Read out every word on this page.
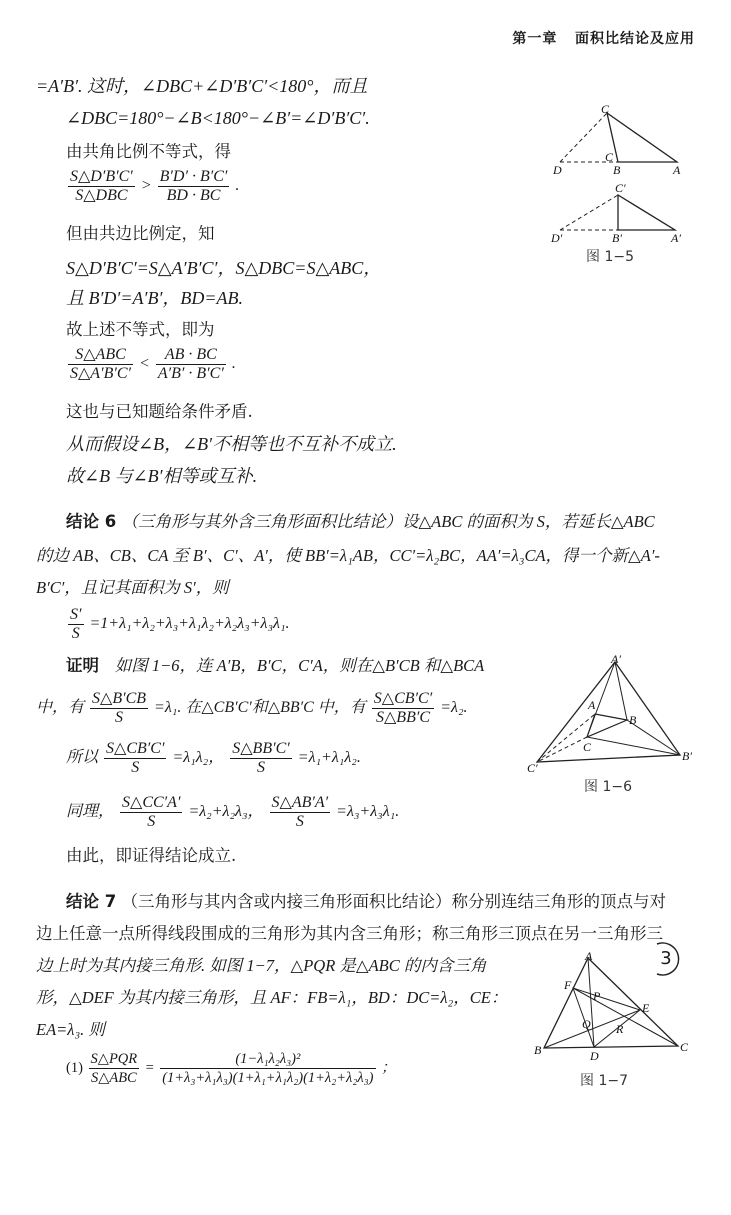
第一章 面积比结论及应用
=A′B′. 这时，∠DBC+∠D′B′C′<180°，而且
∠DBC=180°−∠B<180°−∠B′=∠D′B′C′.
由共角比例不等式，得
$\frac{S\triangle D'B'C'}{\text{S△DBC}} > \frac{B'D' \cdot B'C'}{BD \cdot BC}$ .
但由共边比例定，知
S△D′B′C′=S△A′B′C′，S△DBC=S△ABC，
且 B′D′=A′B′，BD=AB.
故上述不等式，即为
$\frac{\text{S△ABC}}{S\triangle A'B'C'} < \frac{AB \cdot BC}{A'B' \cdot B'C'}$ .
这也与已知题给条件矛盾.
从而假设∠B，∠B′不相等也不互补不成立.
故∠B 与∠B′相等或互补.
C
C
D	B	A
C′
D′	B′	A′
图 1−5
结论 6 （三角形与其外含三角形面积比结论）设△ABC 的面积为 S，若延长△ABC
的边 AB、CB、CA 至 B′、C′、A′，使 BB′=λ₁AB，CC′=λ₂BC，AA′=λ₃CA，得一个新△A′-
B′C′，且记其面积为 S′，则
$\frac{S'}{S} =1+\lambda_1+\lambda_2+\lambda_3+\lambda_1\lambda_2+\lambda_2\lambda_3+\lambda_3\lambda_1$.
证明 如图 1−6，连 A′B，B′C，C′A，则在△B′CB 和△BCA
中，有 $\frac{S\triangle B'CB}{S} =\lambda_1$. 在△CB′C′和△BB′C 中，有 $\frac{S\triangle CB'C'}{S\triangle BB'C} =\lambda_2$.
所以 $\frac{S\triangle CB'C'}{S} =\lambda_1\lambda_2$， $\frac{S\triangle BB'C'}{S} =\lambda_1+\lambda_1\lambda_2$.
同理， $\frac{S\triangle CC'A'}{S} =\lambda_2+\lambda_2\lambda_3$， $\frac{S\triangle AB'A'}{S} =\lambda_3+\lambda_3\lambda_1$.
由此，即证得结论成立.
A′
A
B
C
C′
B′
图 1−6
结论 7 （三角形与其内含或内接三角形面积比结论）称分别连结三角形的顶点与对
边上任意一点所得线段围成的三角形为其内含三角形；称三角形三顶点在另一三角形三
边上时为其内接三角形. 如图 1−7，△PQR 是△ABC 的内含三角
形，△DEF 为其内接三角形，且 AF：FB=λ₁，BD：DC=λ₂，CE：
EA=λ₃. 则
$(1) \frac{\text{S△PQR}}{\text{S△ABC}} = \frac{\text{(1−λ₁λ₂λ₃)²}}{\text{(1+λ₃+λ₁λ₃)(1+λ₁+λ₁λ₂)(1+λ₂+λ₂λ₃)}}$ ；
A
F
P
E
Q R
B	D
C
图 1−7
3
